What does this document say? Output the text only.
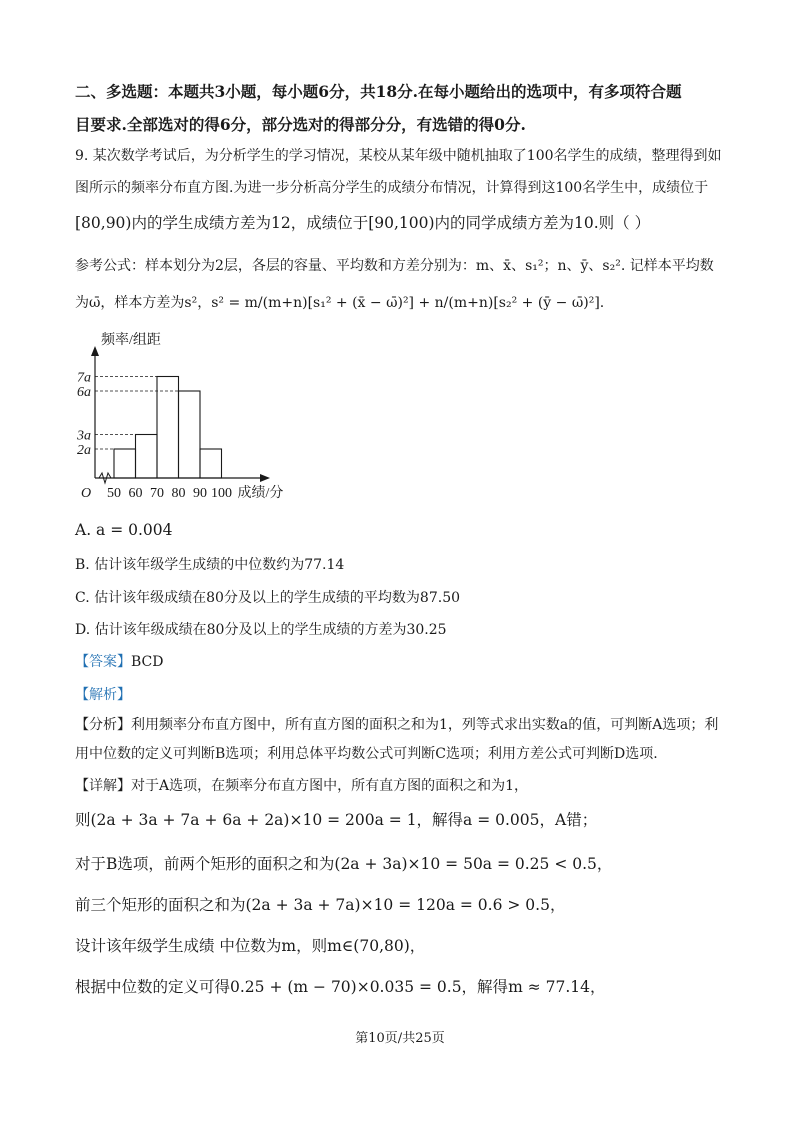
二、多选题：本题共3小题，每小题6分，共18分.在每小题给出的选项中，有多项符合题
目要求.全部选对的得6分，部分选对的得部分分，有选错的得0分.
9. 某次数学考试后，为分析学生的学习情况，某校从某年级中随机抽取了100名学生的成绩，整理得到如
图所示的频率分布直方图.为进一步分析高分学生的成绩分布情况，计算得到这100名学生中，成绩位于
[80,90)内的学生成绩方差为12，成绩位于[90,100)内的同学成绩方差为10.则（ ）
参考公式：样本划分为2层，各层的容量、平均数和方差分别为：m、x̄、s₁²；n、ȳ、s₂². 记样本平均数
为ω̄，样本方差为s²，s² = m/(m+n)[s₁² + (x̄ − ω̄)²] + n/(m+n)[s₂² + (ȳ − ω̄)²].
O
频率/组距
7a
6a
3a
2a
50 60 70 80 90 100 成绩/分
A. a = 0.004
B. 估计该年级学生成绩的中位数约为77.14
C. 估计该年级成绩在80分及以上的学生成绩的平均数为87.50
D. 估计该年级成绩在80分及以上的学生成绩的方差为30.25
【答案】BCD
【解析】
【分析】利用频率分布直方图中，所有直方图的面积之和为1，列等式求出实数a的值，可判断A选项；利
用中位数的定义可判断B选项；利用总体平均数公式可判断C选项；利用方差公式可判断D选项.
【详解】对于A选项，在频率分布直方图中，所有直方图的面积之和为1，
则(2a + 3a + 7a + 6a + 2a)×10 = 200a = 1，解得a = 0.005，A错；
对于B选项，前两个矩形的面积之和为(2a + 3a)×10 = 50a = 0.25 < 0.5，
前三个矩形的面积之和为(2a + 3a + 7a)×10 = 120a = 0.6 > 0.5，
设计该年级学生成绩 中位数为m，则m∈(70,80)，
根据中位数的定义可得0.25 + (m − 70)×0.035 = 0.5，解得m ≈ 77.14，
第10页/共25页
